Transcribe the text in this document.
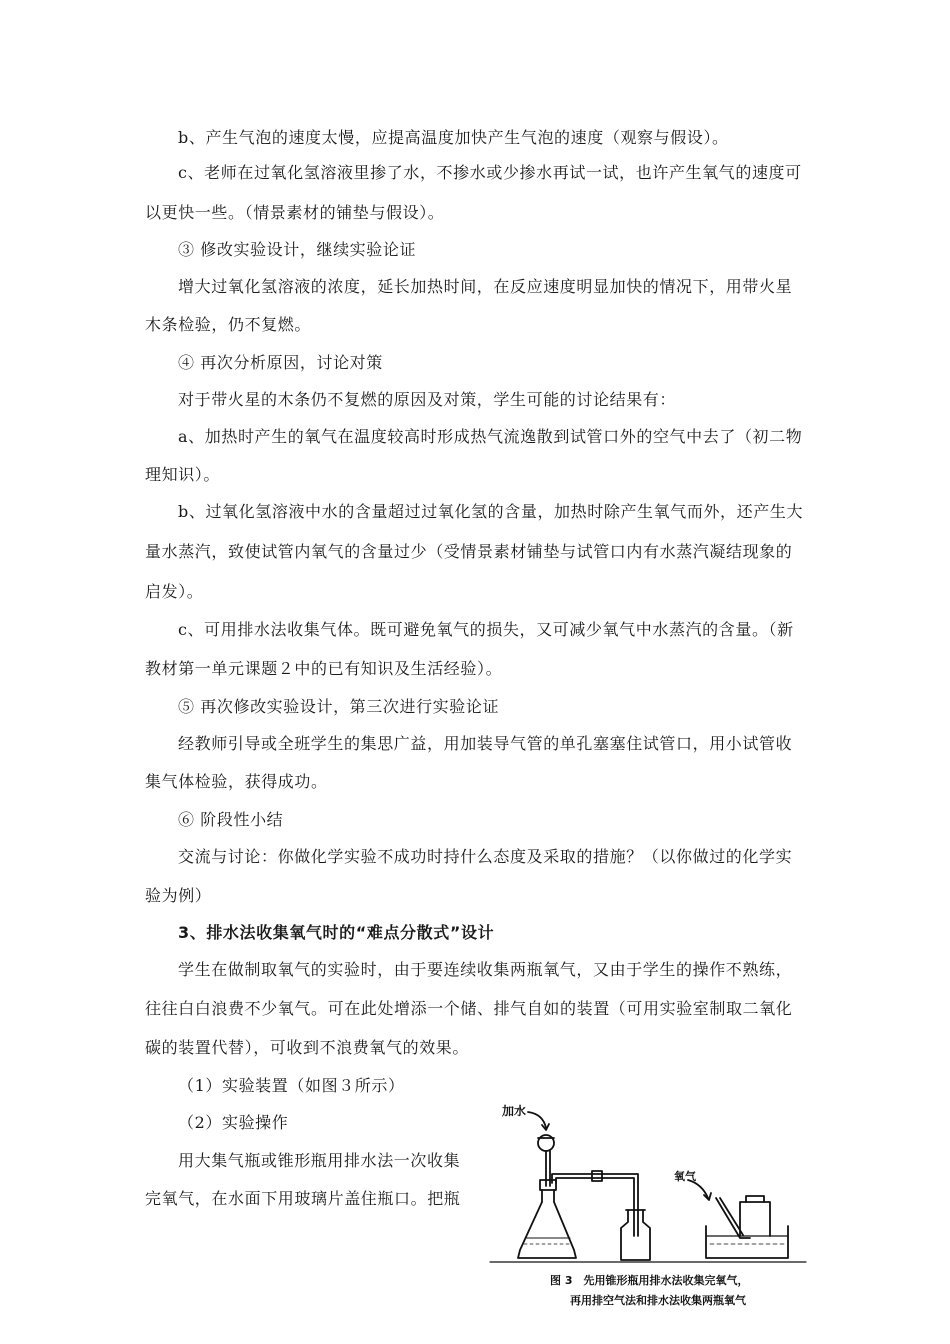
b、产生气泡的速度太慢，应提高温度加快产生气泡的速度（观察与假设）。
c、老师在过氧化氢溶液里掺了水，不掺水或少掺水再试一试，也许产生氧气的速度可
以更快一些。（情景素材的铺垫与假设）。
③ 修改实验设计，继续实验论证
增大过氧化氢溶液的浓度，延长加热时间，在反应速度明显加快的情况下，用带火星
木条检验，仍不复燃。
④ 再次分析原因，讨论对策
对于带火星的木条仍不复燃的原因及对策，学生可能的讨论结果有：
a、加热时产生的氧气在温度较高时形成热气流逸散到试管口外的空气中去了（初二物
理知识）。
b、过氧化氢溶液中水的含量超过过氧化氢的含量，加热时除产生氧气而外，还产生大
量水蒸汽，致使试管内氧气的含量过少（受情景素材铺垫与试管口内有水蒸汽凝结现象的
启发）。
c、可用排水法收集气体。既可避免氧气的损失，又可减少氧气中水蒸汽的含量。（新
教材第一单元课题２中的已有知识及生活经验）。
⑤ 再次修改实验设计，第三次进行实验论证
经教师引导或全班学生的集思广益，用加装导气管的单孔塞塞住试管口，用小试管收
集气体检验，获得成功。
⑥ 阶段性小结
交流与讨论：你做化学实验不成功时持什么态度及采取的措施？（以你做过的化学实
验为例）
3、排水法收集氧气时的“难点分散式”设计
学生在做制取氧气的实验时，由于要连续收集两瓶氧气，又由于学生的操作不熟练，
往往白白浪费不少氧气。可在此处增添一个储、排气自如的装置（可用实验室制取二氧化
碳的装置代替），可收到不浪费氧气的效果。
（1）实验装置（如图３所示）
（2）实验操作
用大集气瓶或锥形瓶用排水法一次收集
完氧气，在水面下用玻璃片盖住瓶口。把瓶
加水
氧气
图 3　先用锥形瓶用排水法收集完氧气，
再用排空气法和排水法收集两瓶氧气
